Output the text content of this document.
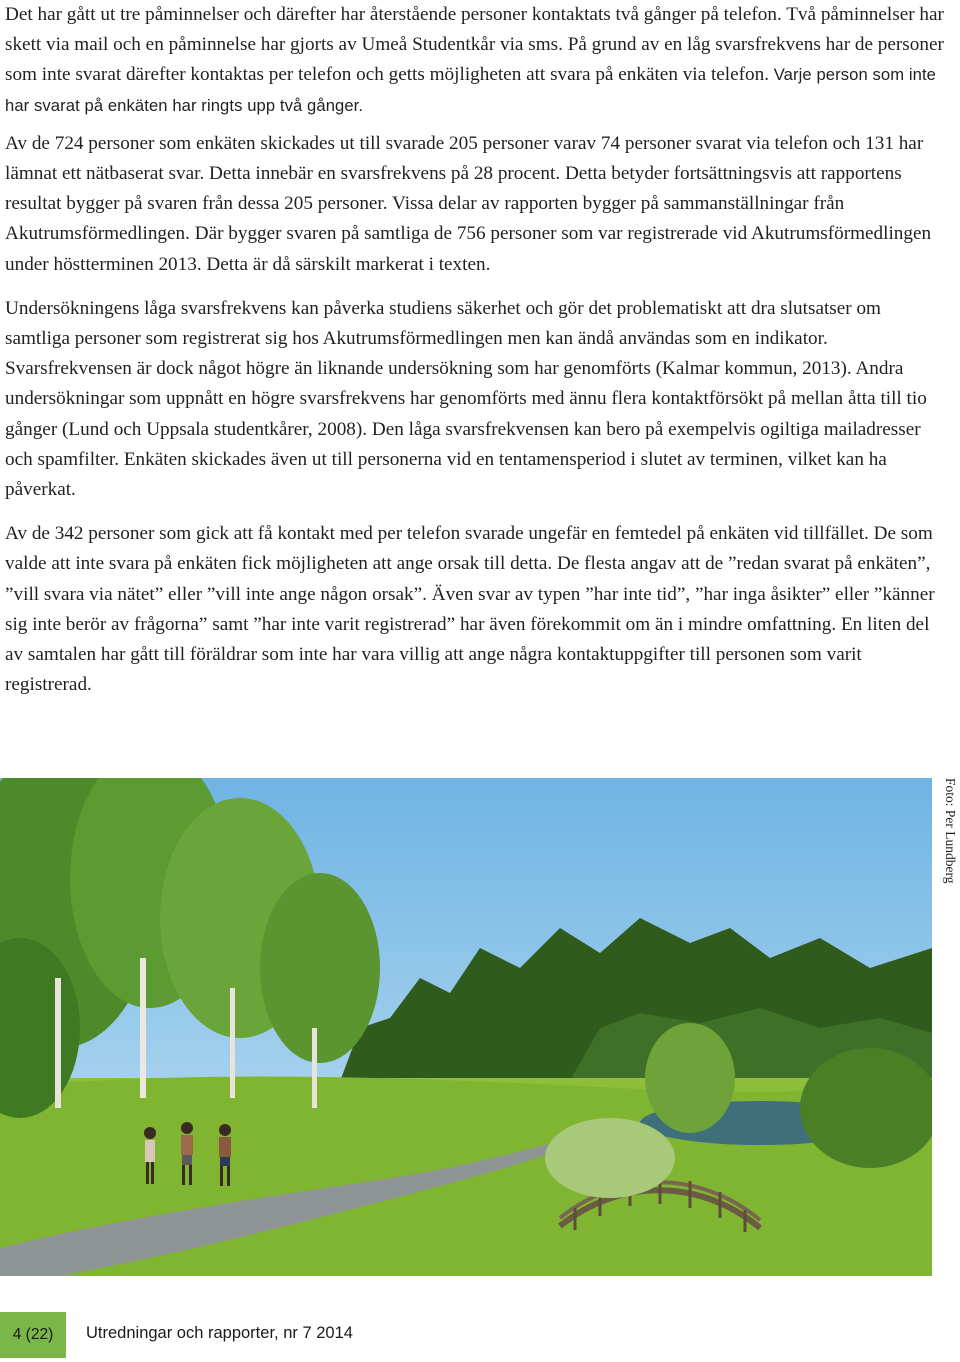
Det har gått ut tre påminnelser och därefter har återstående personer kontaktats två gånger på telefon. Två påminnelser har skett via mail och en påminnelse har gjorts av Umeå Studentkår via sms. På grund av en låg svarsfrekvens har de personer som inte svarat därefter kontaktas per telefon och getts möjligheten att svara på enkäten via telefon. Varje person som inte har svarat på enkäten har ringts upp två gånger.

Av de 724 personer som enkäten skickades ut till svarade 205 personer varav 74 personer svarat via telefon och 131 har lämnat ett nätbaserat svar. Detta innebär en svarsfrekvens på 28 procent. Detta betyder fortsättningsvis att rapportens resultat bygger på svaren från dessa 205 personer. Vissa delar av rapporten bygger på sammanställningar från Akutrumsförmedlingen. Där bygger svaren på samtliga de 756 personer som var registrerade vid Akutrumsförmedlingen under höstterminen 2013. Detta är då särskilt markerat i texten.

Undersökningens låga svarsfrekvens kan påverka studiens säkerhet och gör det problematiskt att dra slutsatser om samtliga personer som registrerat sig hos Akutrumsförmedlingen men kan ändå användas som en indikator. Svarsfrekvensen är dock något högre än liknande undersökning som har genomförts (Kalmar kommun, 2013). Andra undersökningar som uppnått en högre svarsfrekvens har genomförts med ännu flera kontaktförsökt på mellan åtta till tio gånger (Lund och Uppsala studentkårer, 2008). Den låga svarsfrekvensen kan bero på exempelvis ogiltiga mailadresser och spamfilter. Enkäten skickades även ut till personerna vid en tentamensperiod i slutet av terminen, vilket kan ha påverkat.

Av de 342 personer som gick att få kontakt med per telefon svarade ungefär en femtedel på enkäten vid tillfället. De som valde att inte svara på enkäten fick möjligheten att ange orsak till detta. De flesta angav att de ”redan svarat på enkäten”, ”vill svara via nätet” eller ”vill inte ange någon orsak”. Även svar av typen ”har inte tid”, ”har inga åsikter” eller ”känner sig inte berör av frågorna” samt ”har inte varit registrerad” har även förekommit om än i mindre omfattning. En liten del av samtalen har gått till föräldrar som inte har vara villig att ange några kontaktuppgifter till personen som varit registrerad.

Foto: Per Lundberg
4 (22)	Utredningar och rapporter, nr 7 2014
